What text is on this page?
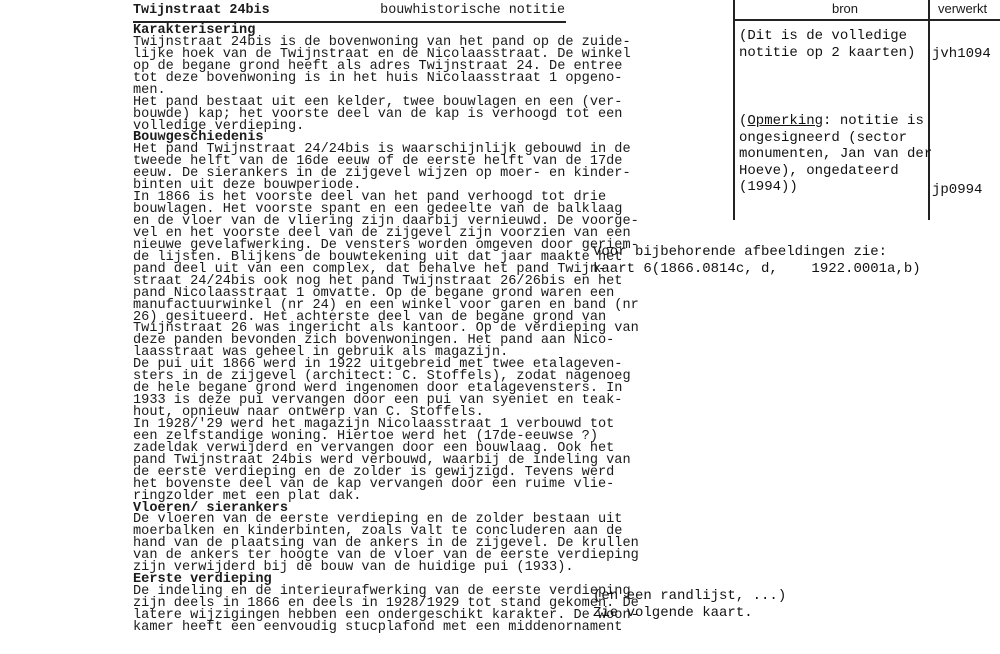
Twijnstraat 24bis	bouwhistorische notitie
Karakterisering
Twijnstraat 24bis is de bovenwoning van het pand op de zuide-
lijke hoek van de Twijnstraat en de Nicolaasstraat. De winkel
op de begane grond heeft als adres Twijnstraat 24. De entree
tot deze bovenwoning is in het huis Nicolaasstraat 1 opgeno-
men.
Het pand bestaat uit een kelder, twee bouwlagen en een (ver-
bouwde) kap; het voorste deel van de kap is verhoogd tot een
volledige verdieping.
Bouwgeschiedenis
Het pand Twijnstraat 24/24bis is waarschijnlijk gebouwd in de
tweede helft van de 16de eeuw of de eerste helft van de 17de
eeuw. De sierankers in de zijgevel wijzen op moer- en kinder-
binten uit deze bouwperiode.
In 1866 is het voorste deel van het pand verhoogd tot drie
bouwlagen. Het voorste spant en een gedeelte van de balklaag
en de vloer van de vliering zijn daarbij vernieuwd. De voorge-
vel en het voorste deel van de zijgevel zijn voorzien van een
nieuwe gevelafwerking. De vensters worden omgeven door geriem-
de lijsten. Blijkens de bouwtekening uit dat jaar maakte het
pand deel uit van een complex, dat behalve het pand Twijn-
straat 24/24bis ook nog het pand Twijnstraat 26/26bis en het
pand Nicolaasstraat 1 omvatte. Op de begane grond waren een
manufactuurwinkel (nr 24) en een winkel voor garen en band (nr
26) gesitueerd. Het achterste deel van de begane grond van
Twijnstraat 26 was ingericht als kantoor. Op de verdieping van
deze panden bevonden zich bovenwoningen. Het pand aan Nico-
laasstraat was geheel in gebruik als magazijn.
De pui uit 1866 werd in 1922 uitgebreid met twee etalageven-
sters in de zijgevel (architect: C. Stoffels), zodat nagenoeg
de hele begane grond werd ingenomen door etalagevensters. In
1933 is deze pui vervangen door een pui van syeniet en teak-
hout, opnieuw naar ontwerp van C. Stoffels.
In 1928/'29 werd het magazijn Nicolaasstraat 1 verbouwd tot
een zelfstandige woning. Hiertoe werd het (17de-eeuwse ?)
zadeldak verwijderd en vervangen door een bouwlaag. Ook het
pand Twijnstraat 24bis werd verbouwd, waarbij de indeling van
de eerste verdieping en de zolder is gewijzigd. Tevens werd
het bovenste deel van de kap vervangen door een ruime vlie-
ringzolder met een plat dak.
Vloeren/ sierankers
De vloeren van de eerste verdieping en de zolder bestaan uit
moerbalken en kinderbinten, zoals valt te concluderen aan de
hand van de plaatsing van de ankers in de zijgevel. De krullen
van de ankers ter hoogte van de vloer van de eerste verdieping
zijn verwijderd bij de bouw van de huidige pui (1933).
Eerste verdieping
De indeling en de interieurafwerking van de eerste verdieping
zijn deels in 1866 en deels in 1928/1929 tot stand gekomen. De
latere wijzigingen hebben een ondergeschikt karakter. De woon-
kamer heeft een eenvoudig stucplafond met een middenornament
bron	verwerkt
(Dit is de volledige
notitie op 2 kaarten) jvh1094
(Opmerking: notitie is
ongesigneerd (sector
monumenten, Jan van der
Hoeve), ongedateerd
(1994))	jp0994
Voor bijbehorende afbeeldingen zie:
kaart 6(1866.0814c, d,    1922.0001a,b)
(en een randlijst, ...)
Zie volgende kaart.
